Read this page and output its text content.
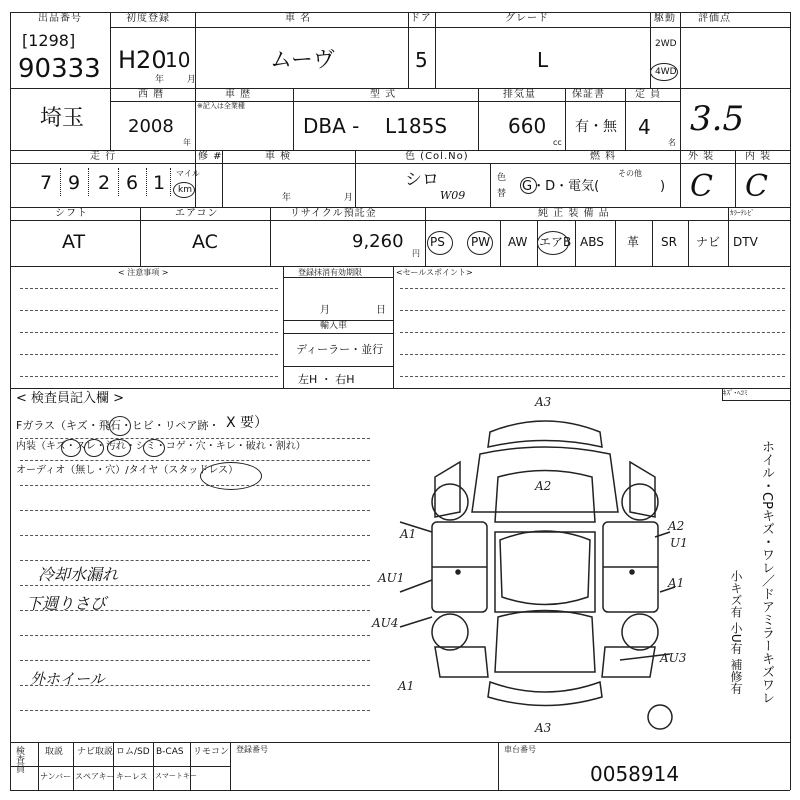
出品番号
[1298]
90333
初度登録
H20
10
年 月
車 名
ムーヴ
ドア
5
グレード
L
駆動
2WD
4WD
評価点
3.5
埼玉
西 暦
2008
年
車 歴
※記入は全業種
型 式
DBA - L185S
排気量
660
cc
保証書
有・無
定 員
4
名
走 行
7 9 2 6 1 マイル
km
修 #	車 検
年 月
色 (Col.No)
シロ
W09
色替
燃 料
G・D・電気(
その他
)
外 装
C
内 装
C
シフト
AT
エアコン
AC
リサイクル預託金
9,260
円
純 正 装 備 品	ｶﾗｰﾃﾚﾋﾞ
PS PW AW エアB ABS 革 SR ナビ DTV
< 注意事項 >	登録抹消有効期限
月	日
輸入車
ディーラー・並行
左H ・ 右H
<セールスポイント>
< 検査員記入欄 >
Fガラス（キズ・飛石・ヒビ・リペア跡・ X 要）
内装（キズ・スレ・汚れ・シミ・コゲ・穴・キレ・破れ・割れ）
オーディオ（無し・穴）/タイヤ（スタッドレス）
冷却水漏れ
下週りさび
外ホイール
A3
A2
A1
A2
U1
AU1	A1
AU4
A1
AU3
A3
ｷｽﾞ･ﾍｺﾐ
ホイル・CPキズ・ワレ／ドアミラーキズワレ
小キズ有 小U有 補修有
検査員 取説 ナビ取説 ロム/SD B-CAS リモコン
ナンバー スペアキー キーレス スマートキー
登録番号	車台番号
0058914
